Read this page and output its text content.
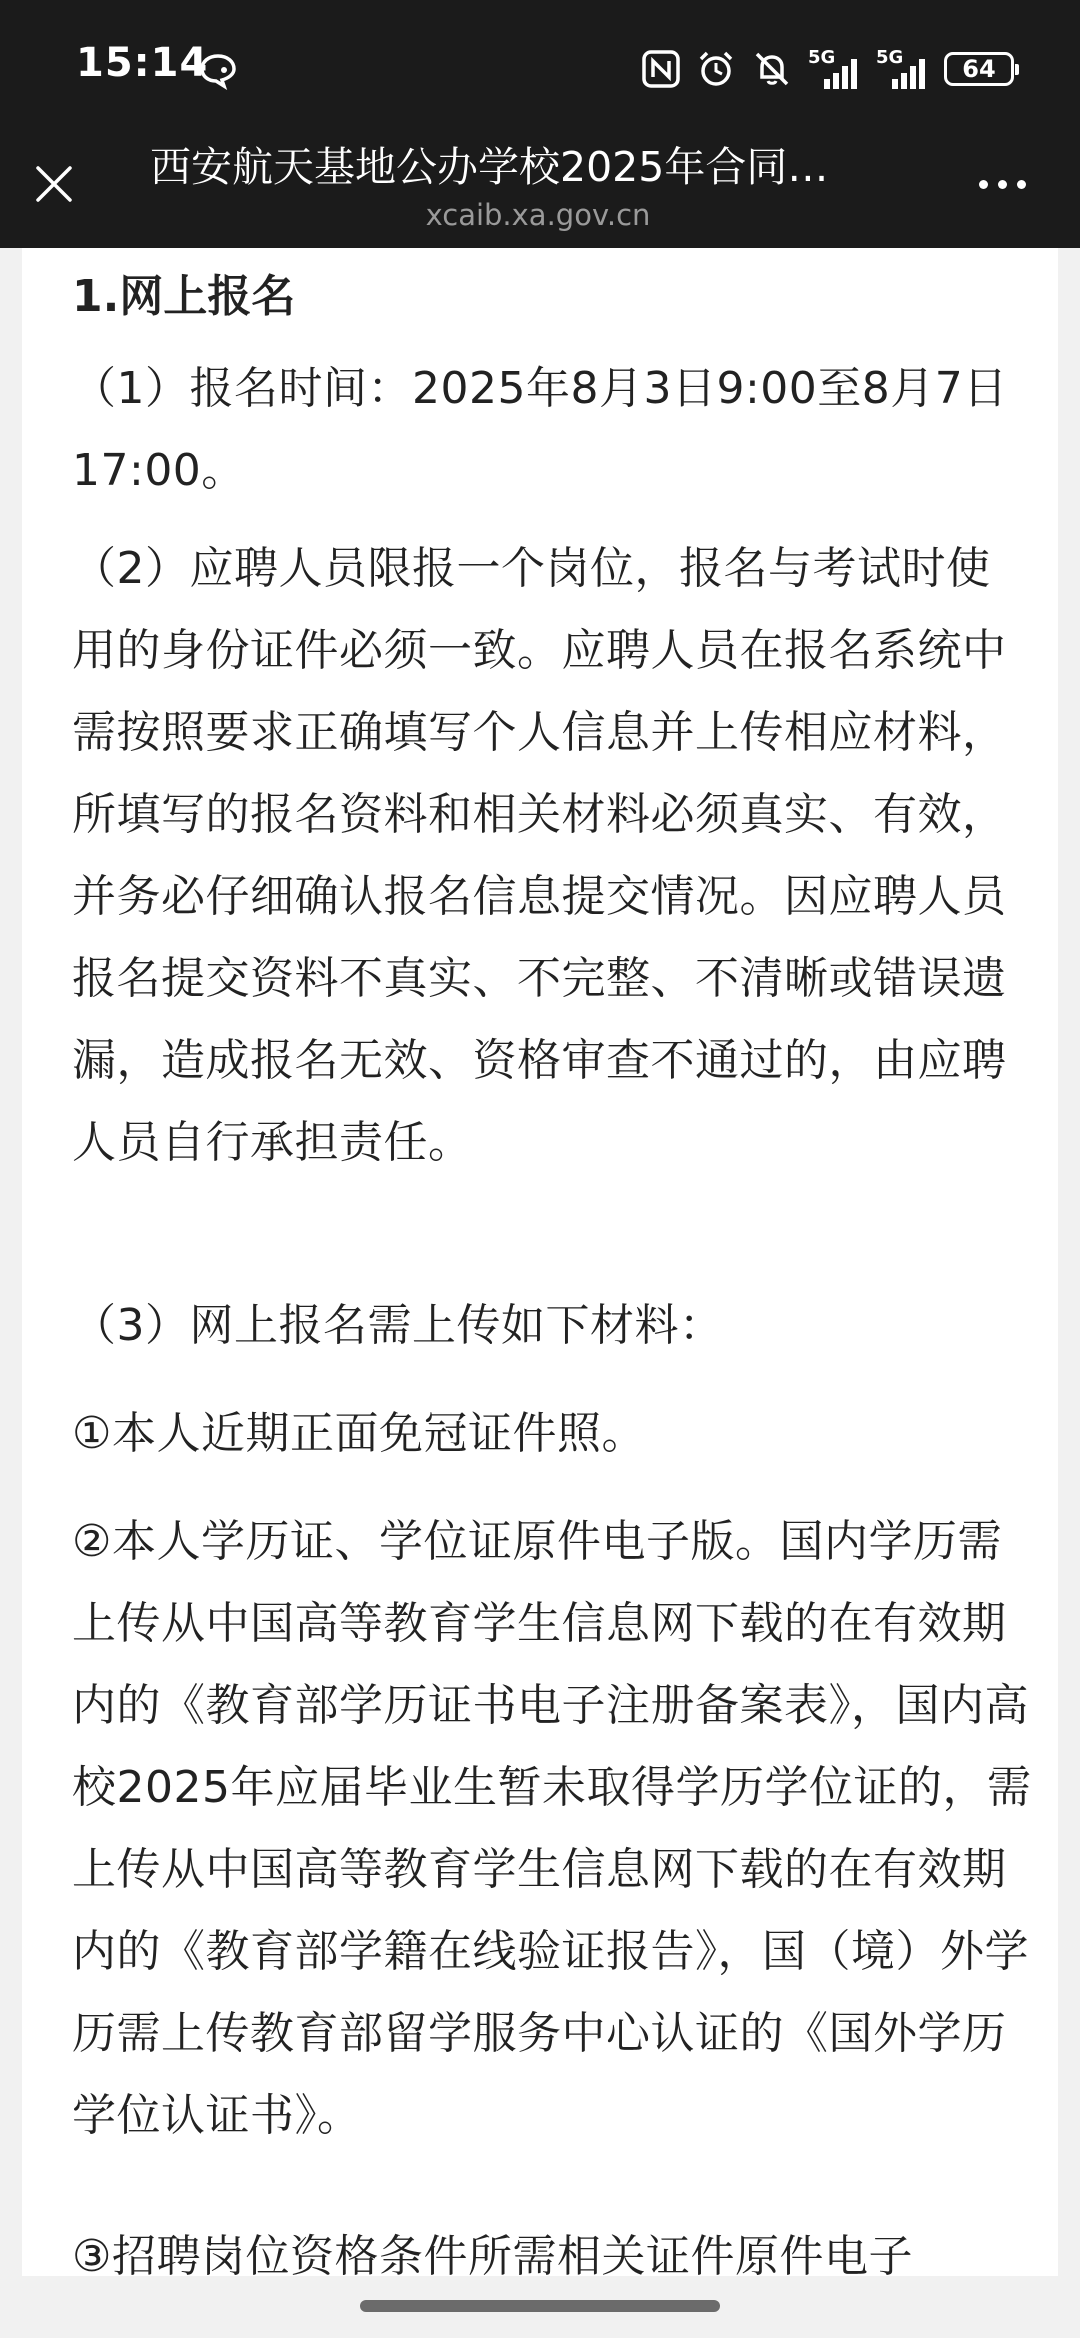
15:14	5G 5G 64
西安航天基地公办学校2025年合同…
xcaib.xa.gov.cn
1.网上报名

（1）报名时间：2025年8月3日9:00至8月7日17:00。

（2）应聘人员限报一个岗位，报名与考试时使用的身份证件必须一致。应聘人员在报名系统中需按照要求正确填写个人信息并上传相应材料，所填写的报名资料和相关材料必须真实、有效，并务必仔细确认报名信息提交情况。因应聘人员报名提交资料不真实、不完整、不清晰或错误遗漏，造成报名无效、资格审查不通过的，由应聘人员自行承担责任。

（3）网上报名需上传如下材料：

①本人近期正面免冠证件照。

②本人学历证、学位证原件电子版。国内学历需上传从中国高等教育学生信息网下载的在有效期内的《教育部学历证书电子注册备案表》，国内高校2025年应届毕业生暂未取得学历学位证的，需上传从中国高等教育学生信息网下载的在有效期内的《教育部学籍在线验证报告》，国（境）外学历需上传教育部留学服务中心认证的《国外学历学位认证书》。

③招聘岗位资格条件所需相关证件原件电子
